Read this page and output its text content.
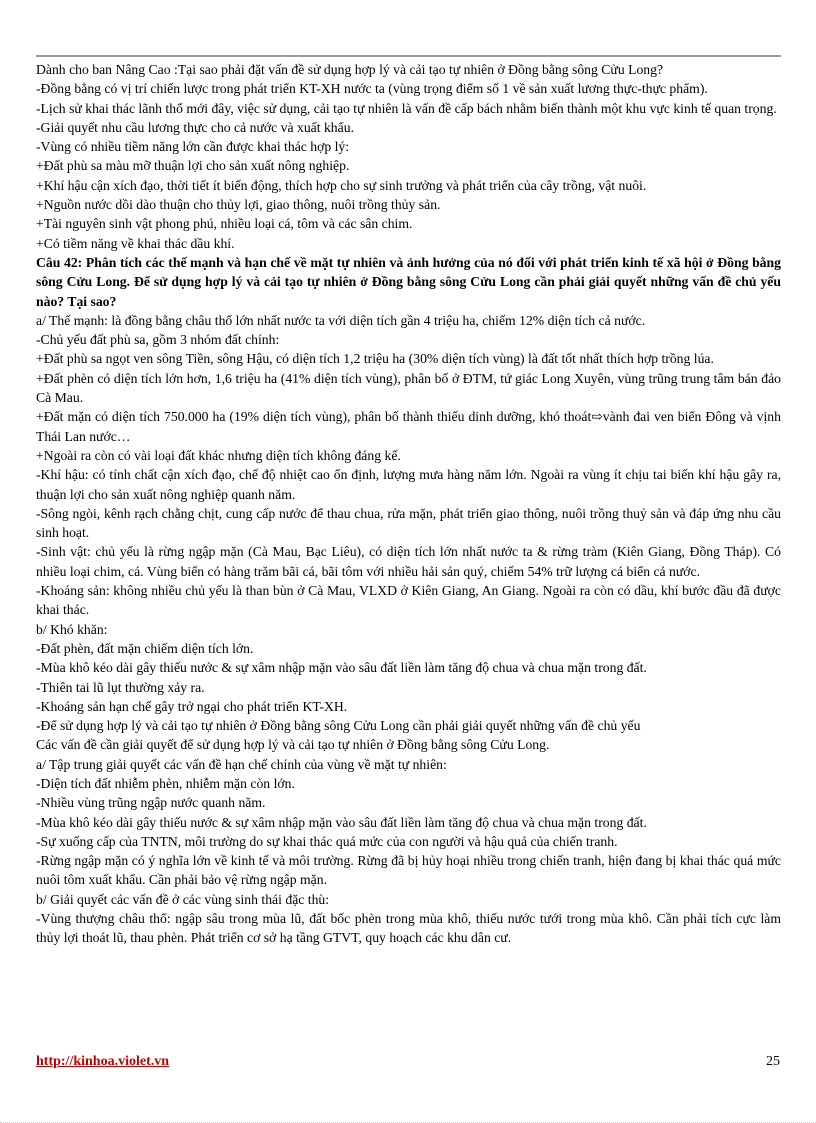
Dành cho ban Nâng Cao :Tại sao phải đặt vấn đề sử dụng hợp lý và cải tạo tự nhiên ở Đồng bằng sông Cửu Long?

-Đồng bằng có vị trí chiến lược trong phát triển KT-XH nước ta (vùng trọng điểm số 1 về sản xuất lương thực-thực phẩm).

-Lịch sử khai thác lãnh thổ mới đây, việc sử dụng, cải tạo tự nhiên là vấn đề cấp bách nhằm biến thành một khu vực kinh tế quan trọng.

-Giải quyết nhu cầu lương thực cho cả nước và xuất khẩu.

-Vùng có nhiều tiềm năng lớn cần được khai thác hợp lý:

+Đất phù sa màu mỡ thuận lợi cho sản xuất nông nghiệp.

+Khí hậu cận xích đạo, thời tiết ít biến động, thích hợp cho sự sinh trưởng và phát triển của cây trồng, vật nuôi.

+Nguồn nước dồi dào thuận cho thủy lợi, giao thông, nuôi trồng thủy sản.

+Tài nguyên sinh vật phong phú, nhiều loại cá, tôm và các sân chim.

+Có tiềm năng về khai thác dầu khí.

Câu 42: Phân tích các thế mạnh và hạn chế về mặt tự nhiên và ảnh hưởng của nó đối với phát triển kinh tế xã hội ở Đồng bằng sông Cửu Long. Để sử dụng hợp lý và cải tạo tự nhiên ở Đồng bằng sông Cửu Long cần phải giải quyết những vấn đề chủ yếu nào? Tại sao?

a/ Thế mạnh: là đồng bằng châu thổ lớn nhất nước ta với diện tích gần 4 triệu ha, chiếm 12% diện tích cả nước.

-Chủ yếu đất phù sa, gồm 3 nhóm đất chính:

+Đất phù sa ngọt ven sông Tiền, sông Hậu, có diện tích 1,2 triệu ha (30% diện tích vùng) là đất tốt nhất thích hợp trồng lúa.

+Đất phèn có diện tích lớn hơn, 1,6 triệu ha (41% diện tích vùng), phân bố ở ĐTM, tứ giác Long Xuyên, vùng trũng trung tâm bán đảo Cà Mau.

+Đất mặn có diện tích 750.000 ha (19% diện tích vùng), phân bố thành thiếu dinh dưỡng, khó thoát⇨vành đai ven biển Đông và vịnh Thái Lan nước…

+Ngoài ra còn có vài loại đất khác nhưng diện tích không đáng kể.

-Khí hậu: có tính chất cận xích đạo, chế độ nhiệt cao ổn định, lượng mưa hàng năm lớn. Ngoài ra vùng ít chịu tai biến khí hậu gây ra, thuận lợi cho sản xuất nông nghiệp quanh năm.

-Sông ngòi, kênh rạch chằng chịt, cung cấp nước để thau chua, rửa mặn, phát triển giao thông, nuôi trồng thuỷ sản và đáp ứng nhu cầu sinh hoạt.

-Sinh vật: chủ yếu là rừng ngập mặn (Cà Mau, Bạc Liêu), có diện tích lớn nhất nước ta & rừng tràm (Kiên Giang, Đồng Tháp). Có nhiều loại chim, cá. Vùng biển có hàng trăm bãi cá, bãi tôm với nhiều hải sản quý, chiếm 54% trữ lượng cá biển cả nước.

-Khoáng sản: không nhiều chủ yếu là than bùn ở Cà Mau, VLXD ở Kiên Giang, An Giang. Ngoài ra còn có dầu, khí bước đầu đã được khai thác.

b/ Khó khăn:

-Đất phèn, đất mặn chiếm diện tích lớn.

-Mùa khô kéo dài gây thiếu nước & sự xâm nhập mặn vào sâu đất liền làm tăng độ chua và chua mặn trong đất.

-Thiên tai lũ lụt thường xảy ra.

-Khoáng sản hạn chế gây trở ngại cho phát triển KT-XH.

-Để sử dụng hợp lý và cải tạo tự nhiên ở Đồng bằng sông Cửu Long cần phải giải quyết những vấn đề chủ yếu

Các vấn đề cần giải quyết để sử dụng hợp lý và cải tạo tự nhiên ở Đồng bằng sông Cửu Long.

a/ Tập trung giải quyết các vấn đề hạn chế chính của vùng về mặt tự nhiên:

-Diện tích đất nhiễm phèn, nhiễm mặn còn lớn.

-Nhiều vùng trũng ngập nước quanh năm.

-Mùa khô kéo dài gây thiếu nước & sự xâm nhập mặn vào sâu đất liền làm tăng độ chua và chua mặn trong đất.

-Sự xuống cấp của TNTN, môi trường do sự khai thác quá mức của con người và hậu quả của chiến tranh.

-Rừng ngập mặn có ý nghĩa lớn về kinh tế và môi trường. Rừng đã bị hủy hoại nhiều trong chiến tranh, hiện đang bị khai thác quá mức nuôi tôm xuất khẩu. Cần phải bảo vệ rừng ngập mặn.

b/ Giải quyết các vấn đề ở các vùng sinh thái đặc thù:

-Vùng thượng châu thổ: ngập sâu trong mùa lũ, đất bốc phèn trong mùa khô, thiếu nước tưới trong mùa khô. Cần phải tích cực làm thủy lợi thoát lũ, thau phèn. Phát triển cơ sở hạ tầng GTVT, quy hoạch các khu dân cư.

http://kinhoa.violet.vn	25
